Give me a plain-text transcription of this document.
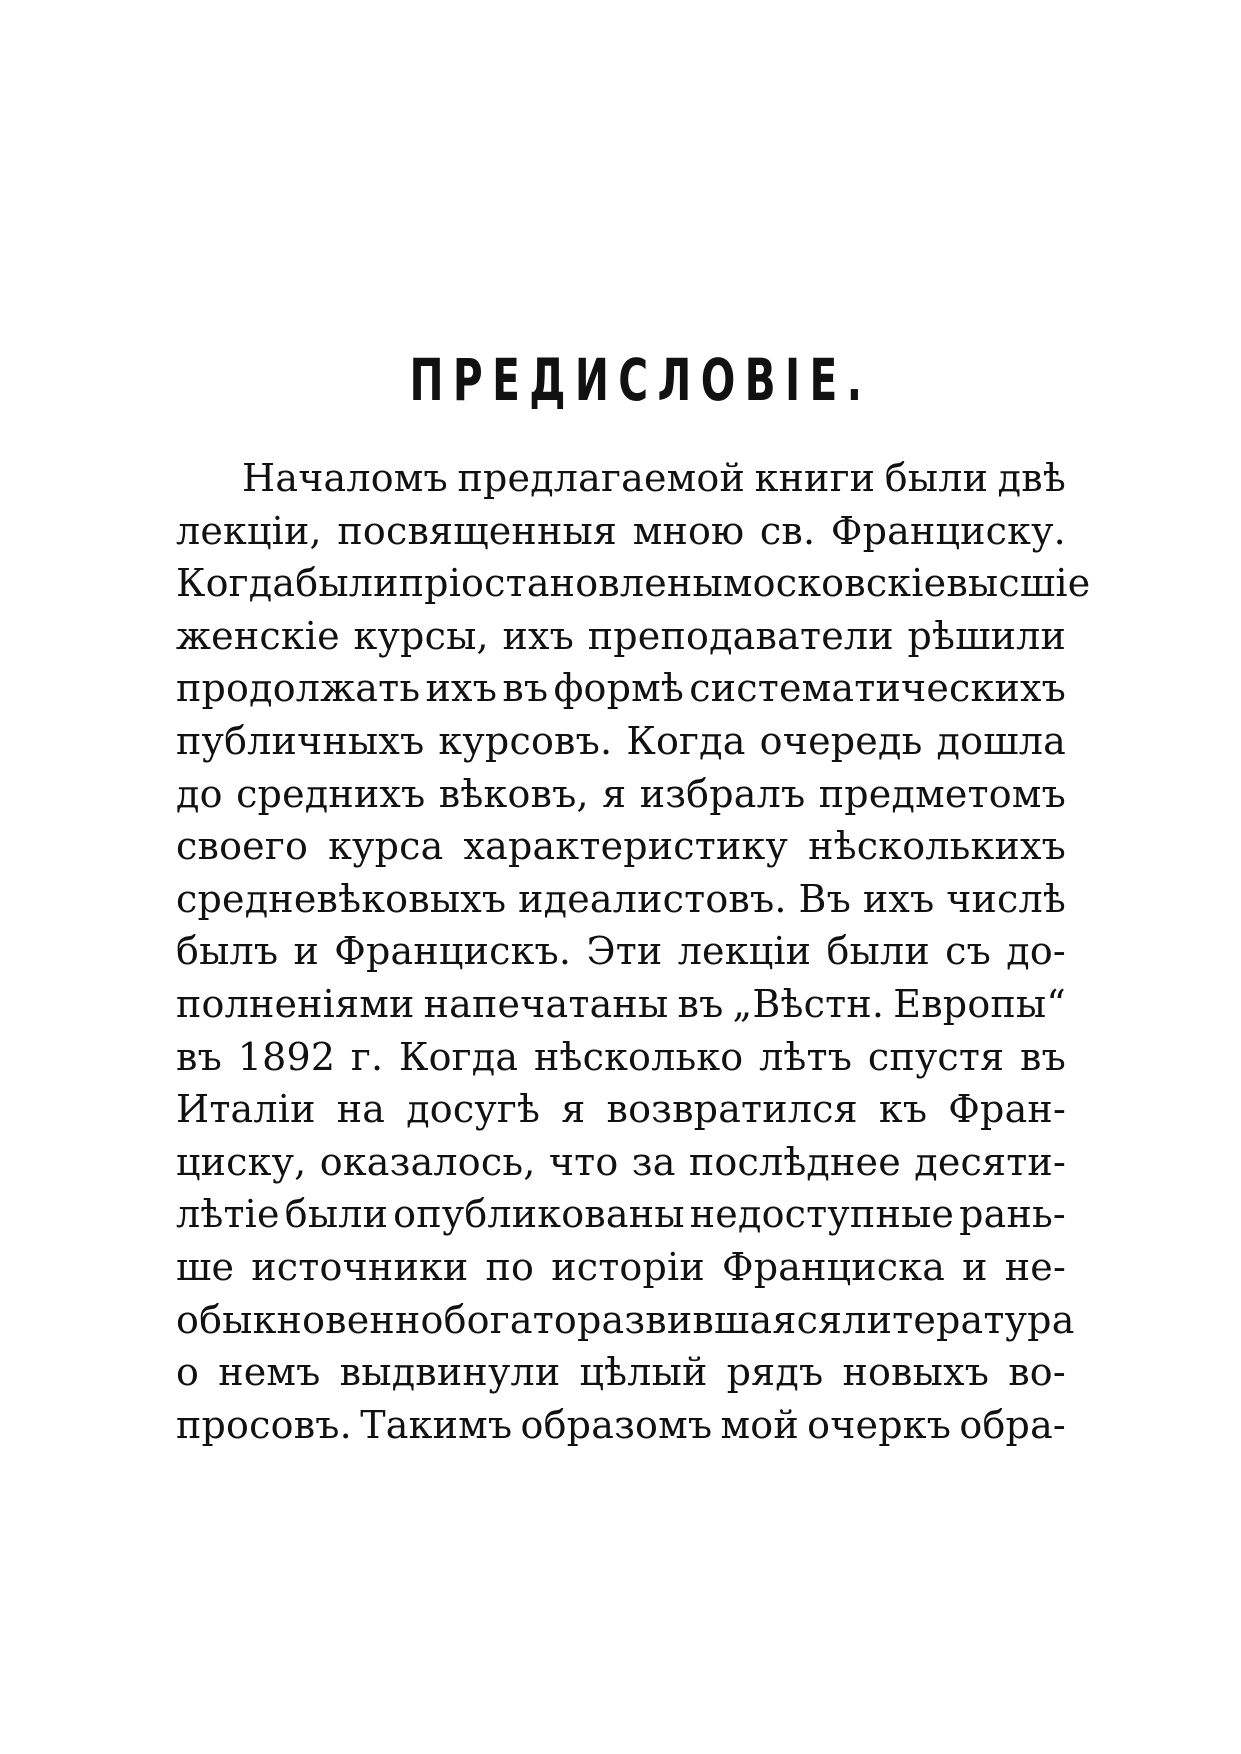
ПРЕДИСЛОВІЕ.
Началомъ предлагаемой книги были двѣ
лекціи, посвященныя мною св. Франциску.
Когда были пріостановлены московскіе высшіе
женскіе курсы, ихъ преподаватели рѣшили
продолжать ихъ въ формѣ систематическихъ
публичныхъ курсовъ. Когда очередь дошла
до среднихъ вѣковъ, я избралъ предметомъ
своего курса характеристику нѣсколькихъ
средневѣковыхъ идеалистовъ. Въ ихъ числѣ
былъ и Францискъ. Эти лекціи были съ до-
полненіями напечатаны въ „Вѣстн. Европы“
въ 1892 г. Когда нѣсколько лѣтъ спустя въ
Италіи на досугѣ я возвратился къ Фран-
циску, оказалось, что за послѣднее десяти-
лѣтіе были опубликованы недоступные рань-
ше источники по исторіи Франциска и не-
обыкновенно богато развившаяся литература
о немъ выдвинули цѣлый рядъ новыхъ во-
просовъ. Такимъ образомъ мой очеркъ обра-
